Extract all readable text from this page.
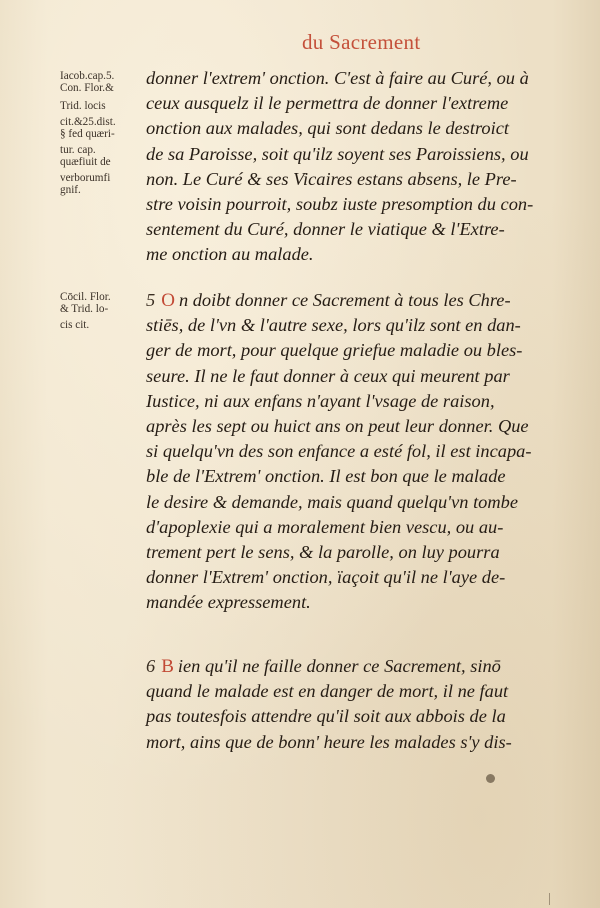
du Sacrement
Iacob.cap.5.
Con. Flor.&
Trid. locis
cit.&25.dist.
§ fed quæri-
tur. cap.
quæfiuit de
verborumfi
gnif.
Cōcil. Flor.
& Trid. lo-
cis cit.
donner l'extrem' onction. C'est à faire au Curé, ou à
ceux ausquelz il le permettra de donner l'extreme
onction aux malades, qui sont dedans le destroict
de sa Paroisse, soit qu'ilz soyent ses Paroissiens, ou
non. Le Curé & ses Vicaires estans absens, le Pre-
stre voisin pourroit, soubz iuste presomption du con-
sentement du Curé, donner le viatique & l'Extre-
me onction au malade.
5 O n doibt donner ce Sacrement à tous les Chre-
stiēs, de l'vn & l'autre sexe, lors qu'ilz sont en dan-
ger de mort, pour quelque griefue maladie ou bles-
seure. Il ne le faut donner à ceux qui meurent par
Iustice, ni aux enfans n'ayant l'vsage de raison,
après les sept ou huict ans on peut leur donner. Que
si quelqu'vn des son enfance a esté fol, il est incapa-
ble de l'Extrem' onction. Il est bon que le malade
le desire & demande, mais quand quelqu'vn tombe
d'apoplexie qui a moralement bien vescu, ou au-
trement pert le sens, & la parolle, on luy pourra
donner l'Extrem' onction, ïaçoit qu'il ne l'aye de-
mandée expressement.
6 B ien qu'il ne faille donner ce Sacrement, sinō
quand le malade est en danger de mort, il ne faut
pas toutesfois attendre qu'il soit aux abbois de la
mort, ains que de bonn' heure les malades s'y dis-
